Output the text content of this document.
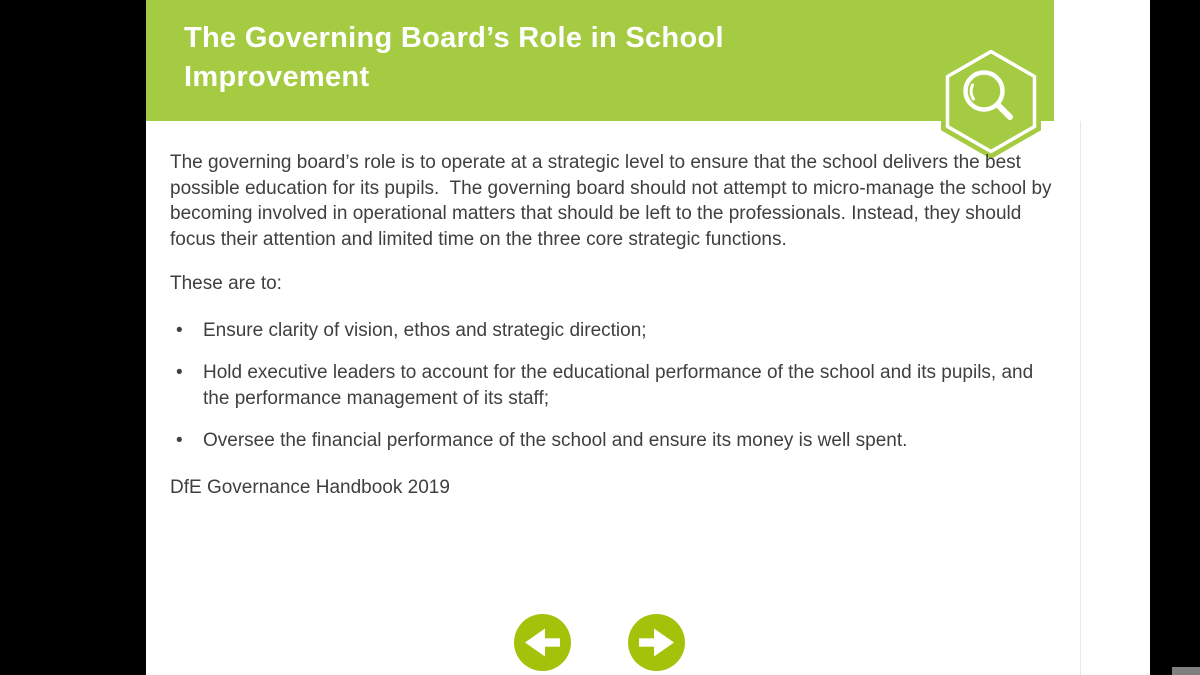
The Governing Board’s Role in School Improvement

The governing board’s role is to operate at a strategic level to ensure that the school delivers the best possible education for its pupils.  The governing board should not attempt to micro-manage the school by becoming involved in operational matters that should be left to the professionals. Instead, they should focus their attention and limited time on the three core strategic functions.

These are to:

• Ensure clarity of vision, ethos and strategic direction;
• Hold executive leaders to account for the educational performance of the school and its pupils, and the performance management of its staff;
• Oversee the financial performance of the school and ensure its money is well spent.

DfE Governance Handbook 2019
